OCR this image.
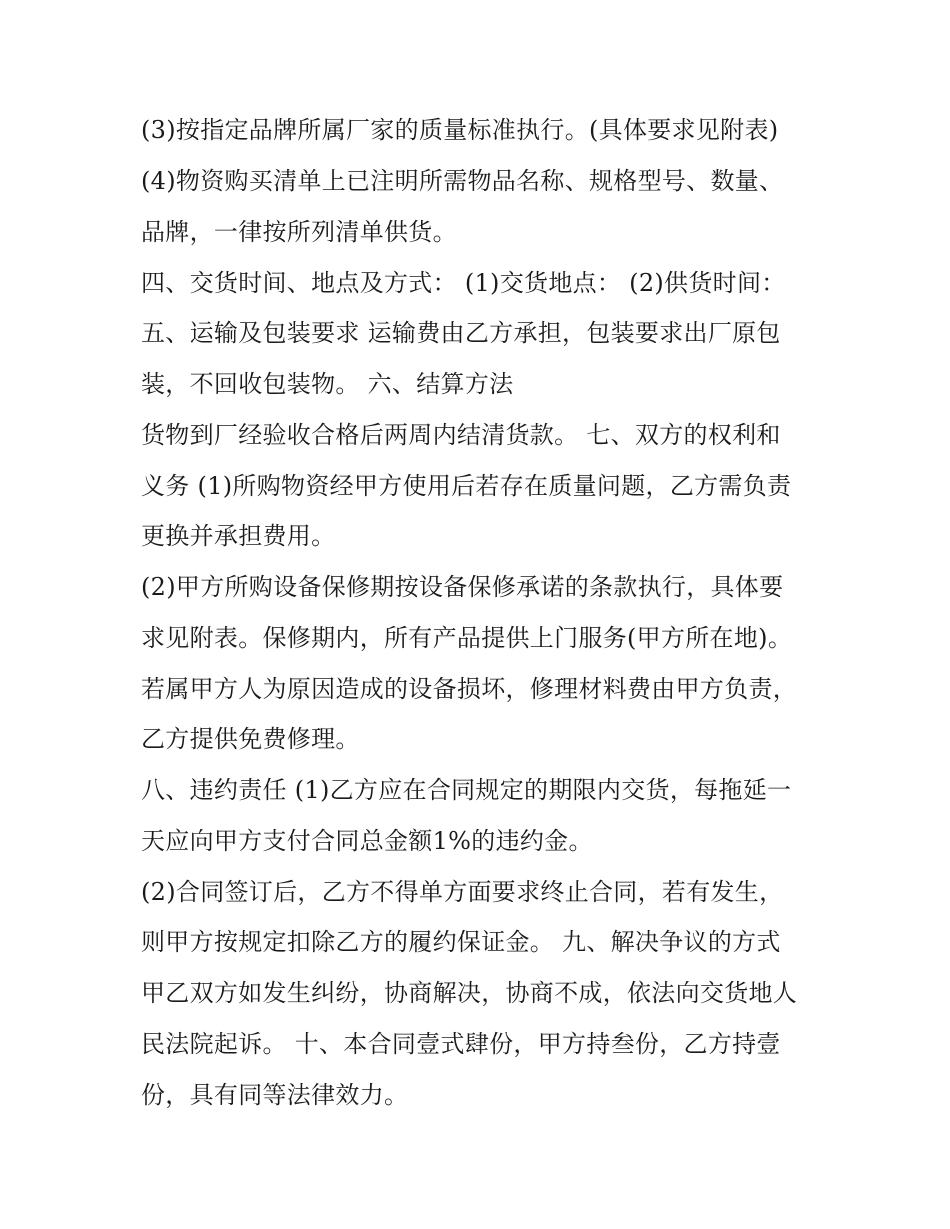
(3)按指定品牌所属厂家的质量标准执行。(具体要求见附表)
(4)物资购买清单上已注明所需物品名称、规格型号、数量、
品牌，一律按所列清单供货。
四、交货时间、地点及方式： (1)交货地点： (2)供货时间：
五、运输及包装要求 运输费由乙方承担，包装要求出厂原包
装，不回收包装物。 六、结算方法
货物到厂经验收合格后两周内结清货款。 七、双方的权利和
义务 (1)所购物资经甲方使用后若存在质量问题，乙方需负责
更换并承担费用。
(2)甲方所购设备保修期按设备保修承诺的条款执行，具体要
求见附表。保修期内，所有产品提供上门服务(甲方所在地)。
若属甲方人为原因造成的设备损坏，修理材料费由甲方负责，
乙方提供免费修理。
八、违约责任 (1)乙方应在合同规定的期限内交货，每拖延一
天应向甲方支付合同总金额1%的违约金。
(2)合同签订后，乙方不得单方面要求终止合同，若有发生，
则甲方按规定扣除乙方的履约保证金。 九、解决争议的方式
甲乙双方如发生纠纷，协商解决，协商不成，依法向交货地人
民法院起诉。 十、本合同壹式肆份，甲方持叁份，乙方持壹
份，具有同等法律效力。
